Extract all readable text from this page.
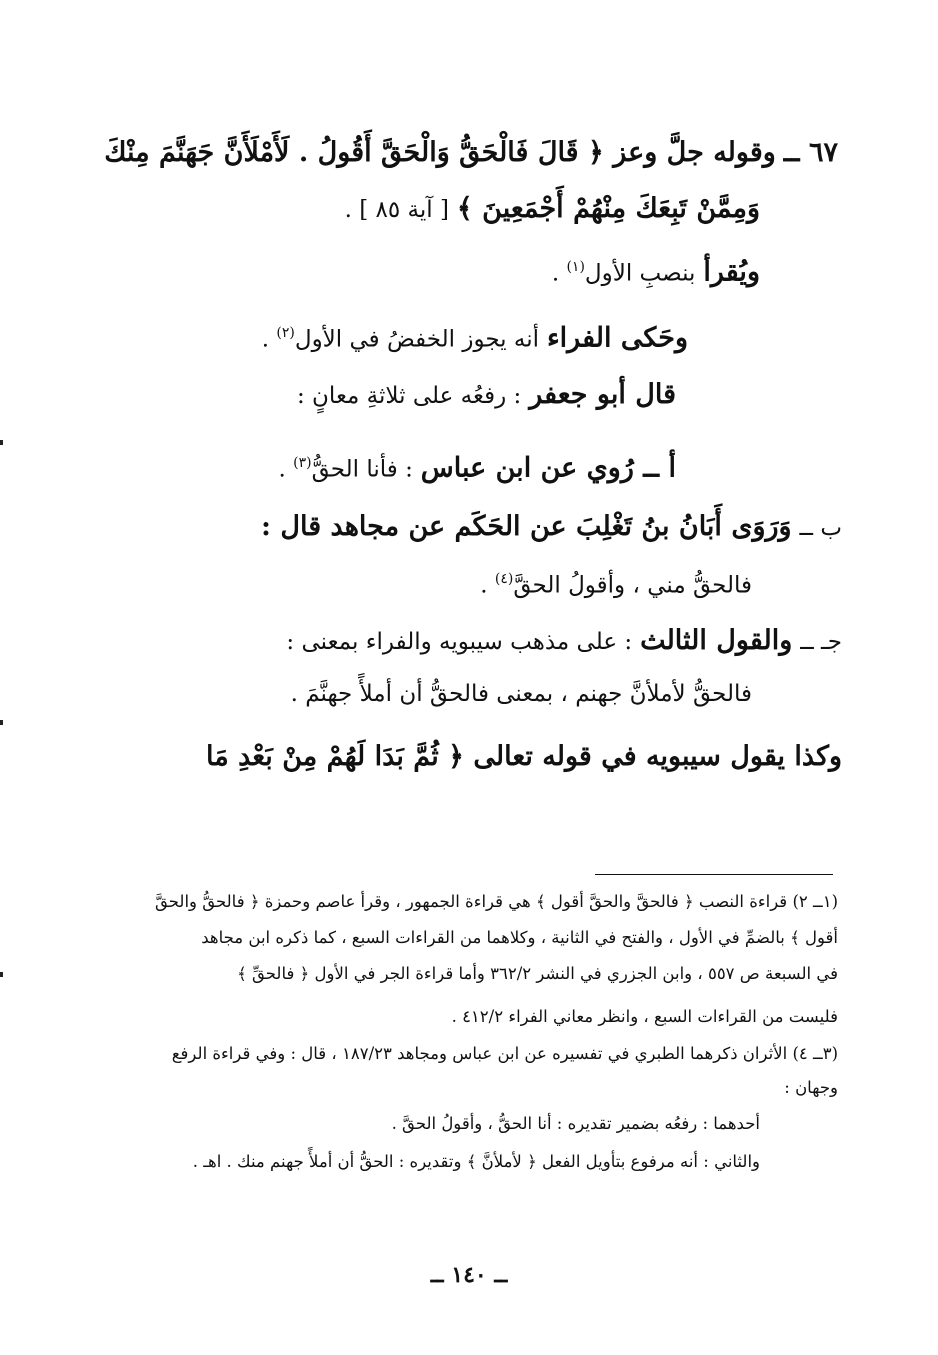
٦٧ ــ وقوله جلَّ وعز ﴿ قَالَ فَالْحَقُّ وَالْحَقَّ أَقُولُ . لَأَمْلَأَنَّ جَهَنَّمَ مِنْكَ

وَمِمَّنْ تَبِعَكَ مِنْهُمْ أَجْمَعِينَ ﴾ [ آية ٨٥ ] .

ويُقرأ بنصبِ الأول$^{(١)}$ .

وحَكى الفراء أنه يجوز الخفضُ في الأول$^{(٢)}$ .

قال أبو جعفر : رفعُه على ثلاثةِ معانٍ :

أ ــ رُوي عن ابن عباس : فأنا الحقُّ$^{(٣)}$ .

ب ــ وَرَوَى أَبَانُ بنُ تَغْلِبَ عن الحَكَم عن مجاهد قال :

فالحقُّ مني ، وأقولُ الحقَّ$^{(٤)}$ .

جـ ــ والقول الثالث : على مذهب سيبويه والفراء بمعنى :

فالحقُّ لأملأنَّ جهنم ، بمعنى فالحقُّ أن أملأً جهنَّمَ .

وكذا يقول سيبويه في قوله تعالى ﴿ ثُمَّ بَدَا لَهُمْ مِنْ بَعْدِ مَا

(١ــ ٢) قراءة النصب ﴿ فالحقَّ والحقَّ أقول ﴾ هي قراءة الجمهور ، وقرأ عاصم وحمزة ﴿ فالحقُّ والحقَّ

أقول ﴾ بالضمِّ في الأول ، والفتح في الثانية ، وكلاهما من القراءات السبع ، كما ذكره ابن مجاهد

في السبعة ص ٥٥٧ ، وابن الجزري في النشر ٣٦٢/٢ وأما قراءة الجر في الأول ﴿ فالحقِّ ﴾

فليست من القراءات السبع ، وانظر معاني الفراء ٤١٢/٢ .

(٣ــ ٤) الأثران ذكرهما الطبري في تفسيره عن ابن عباس ومجاهد ١٨٧/٢٣ ، قال : وفي قراءة الرفع

وجهان :

أحدهما : رفعُه بضمير تقديره : أنا الحقُّ ، وأقولُ الحقَّ .

والثاني : أنه مرفوع بتأويل الفعل ﴿ لأملأنَّ ﴾ وتقديره : الحقُّ أن أملأً جهنم منك . اهـ .

ــ ١٤٠ ــ
